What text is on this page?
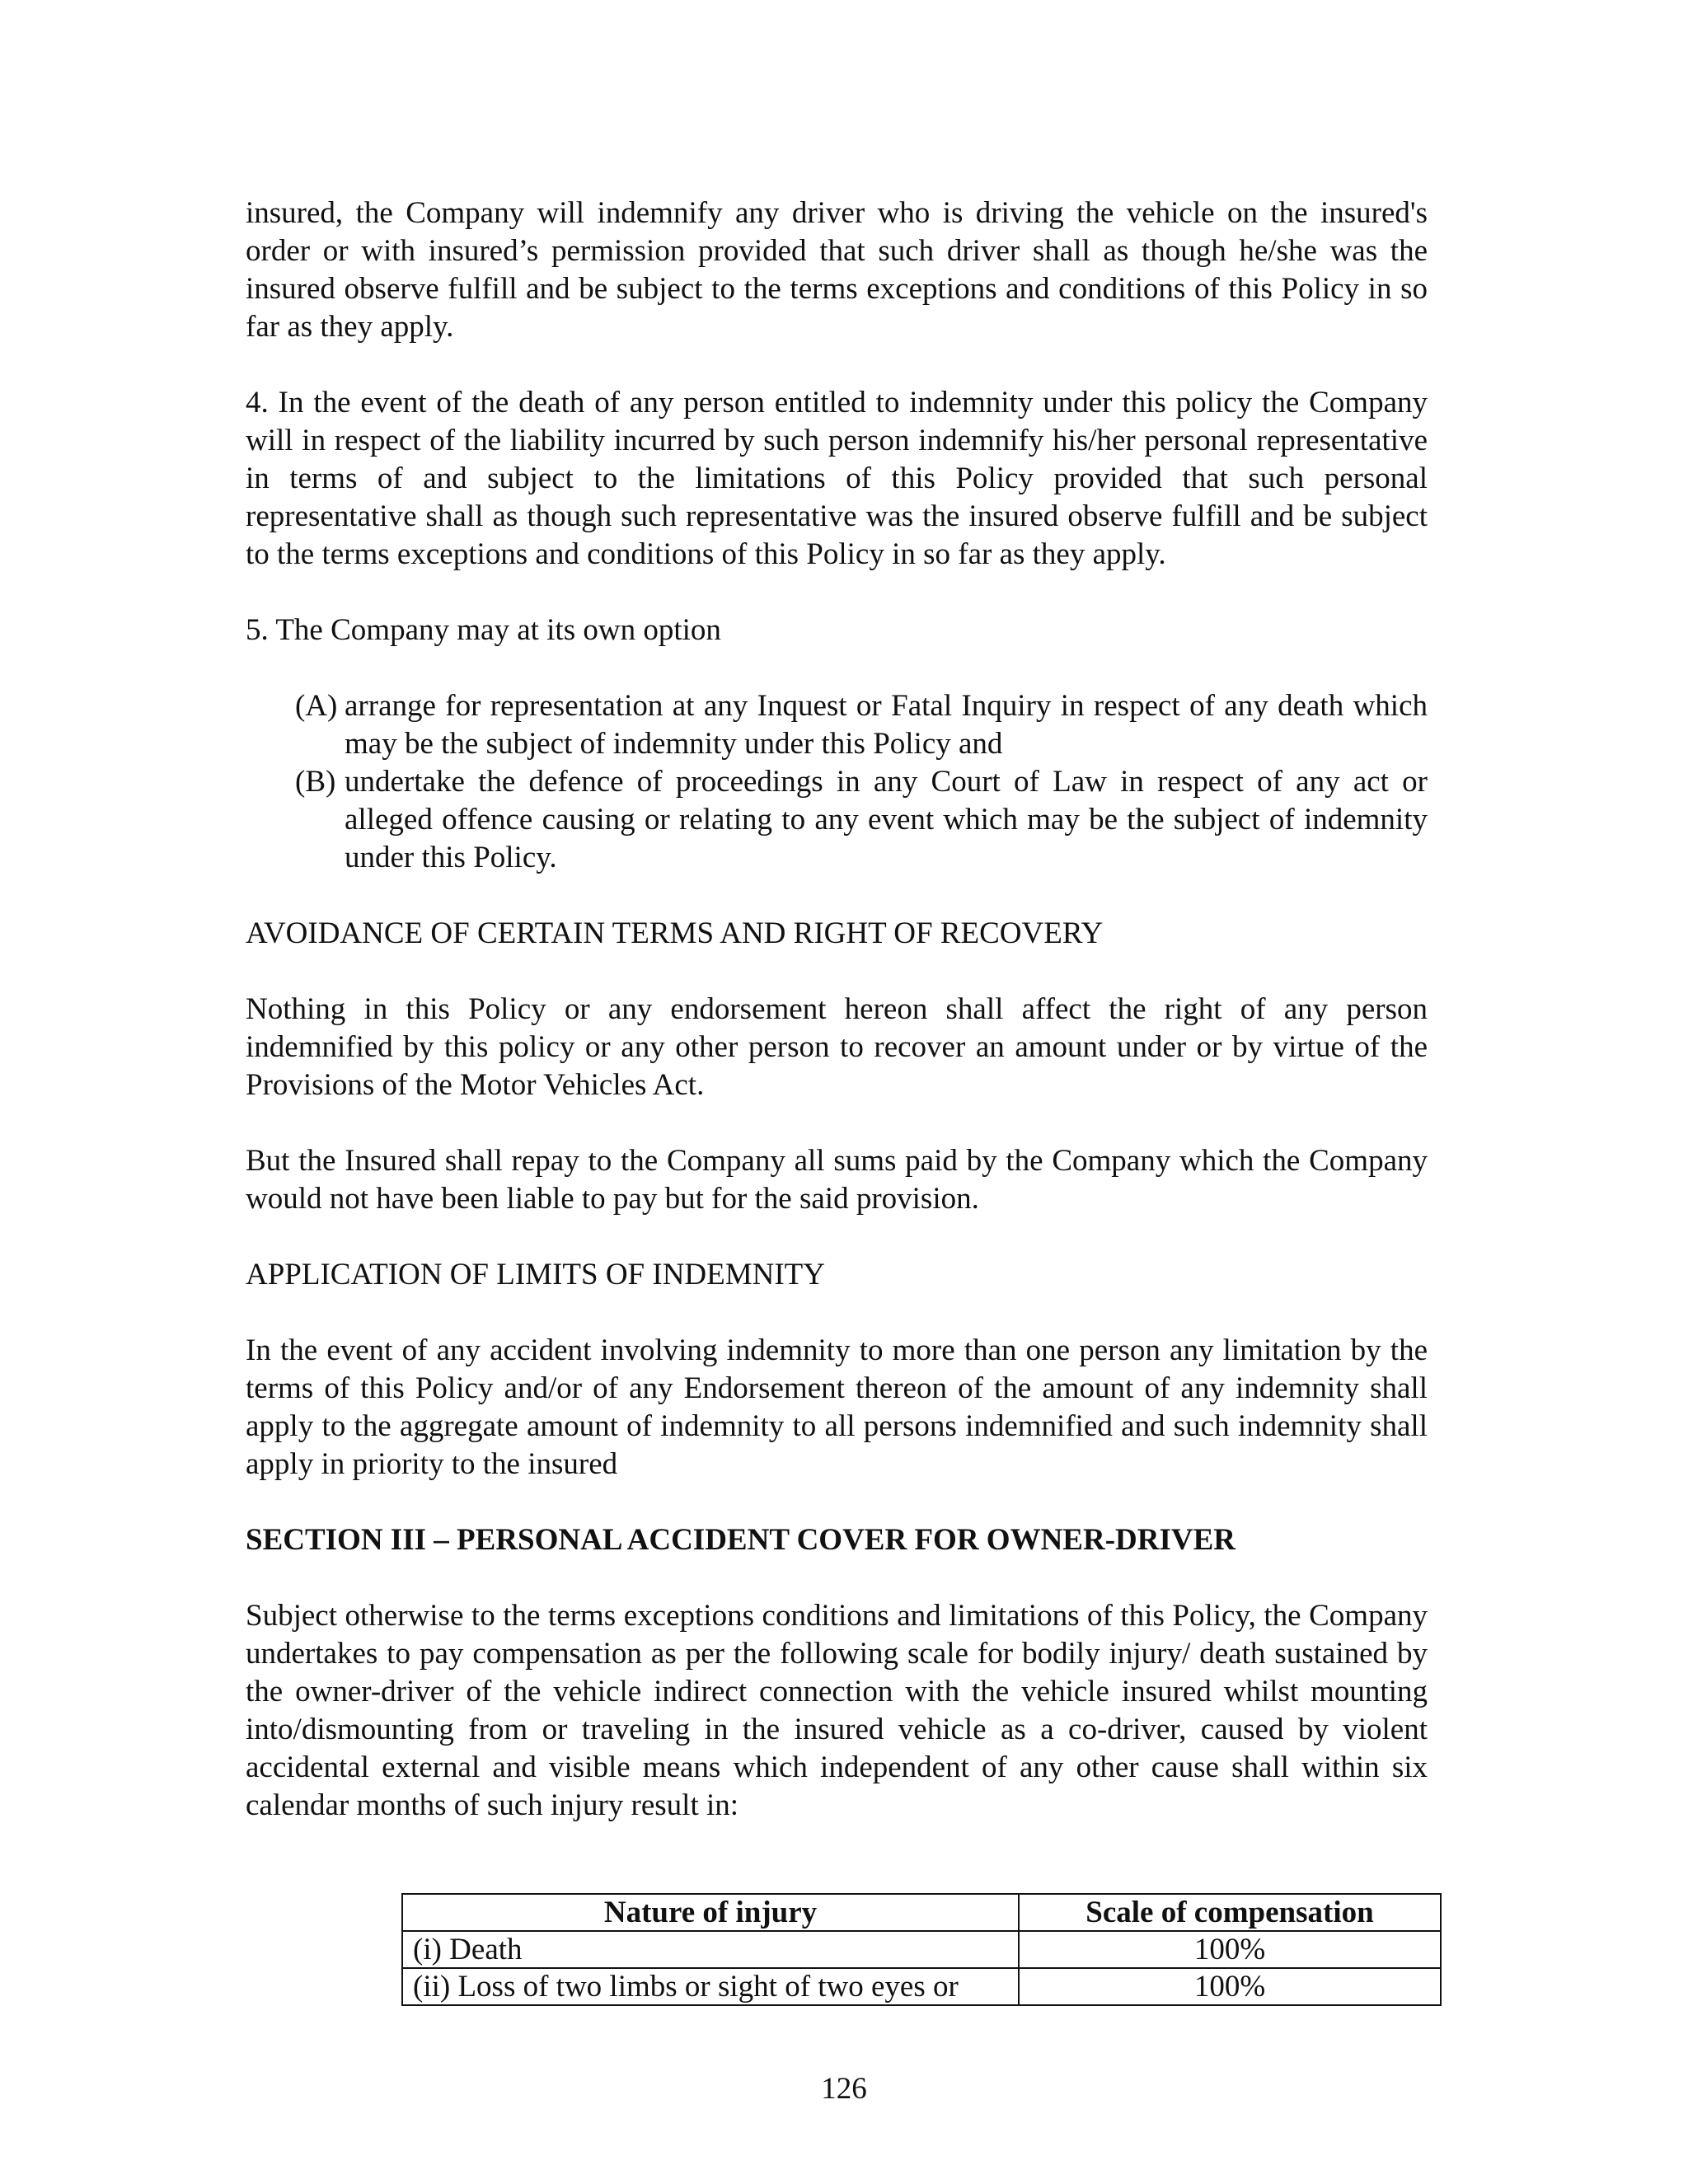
insured, the Company will indemnify any driver who is driving the vehicle on the insured's order or with insured’s permission provided that such driver shall as though he/she was the insured observe fulfill and be subject to the terms exceptions and conditions of this Policy in so far as they apply.

4. In the event of the death of any person entitled to indemnity under this policy the Company will in respect of the liability incurred by such person indemnify his/her personal representative in terms of and subject to the limitations of this Policy provided that such personal representative shall as though such representative was the insured observe fulfill and be subject to the terms exceptions and conditions of this Policy in so far as they apply.

5. The Company may at its own option

(A) arrange for representation at any Inquest or Fatal Inquiry in respect of any death which may be the subject of indemnity under this Policy and
(B) undertake the defence of proceedings in any Court of Law in respect of any act or alleged offence causing or relating to any event which may be the subject of indemnity under this Policy.

AVOIDANCE OF CERTAIN TERMS AND RIGHT OF RECOVERY

Nothing in this Policy or any endorsement hereon shall affect the right of any person indemnified by this policy or any other person to recover an amount under or by virtue of the Provisions of the Motor Vehicles Act.

But the Insured shall repay to the Company all sums paid by the Company which the Company would not have been liable to pay but for the said provision.

APPLICATION OF LIMITS OF INDEMNITY

In the event of any accident involving indemnity to more than one person any limitation by the terms of this Policy and/or of any Endorsement thereon of the amount of any indemnity shall apply to the aggregate amount of indemnity to all persons indemnified and such indemnity shall apply in priority to the insured

SECTION III – PERSONAL ACCIDENT COVER FOR OWNER-DRIVER

Subject otherwise to the terms exceptions conditions and limitations of this Policy, the Company undertakes to pay compensation as per the following scale for bodily injury/ death sustained by the owner-driver of the vehicle indirect connection with the vehicle insured whilst mounting into/dismounting from or traveling in the insured vehicle as a co-driver, caused by violent accidental external and visible means which independent of any other cause shall within six calendar months of such injury result in:

Nature of injury	Scale of compensation
(i) Death	100%
(ii) Loss of two limbs or sight of two eyes or	100%
126
